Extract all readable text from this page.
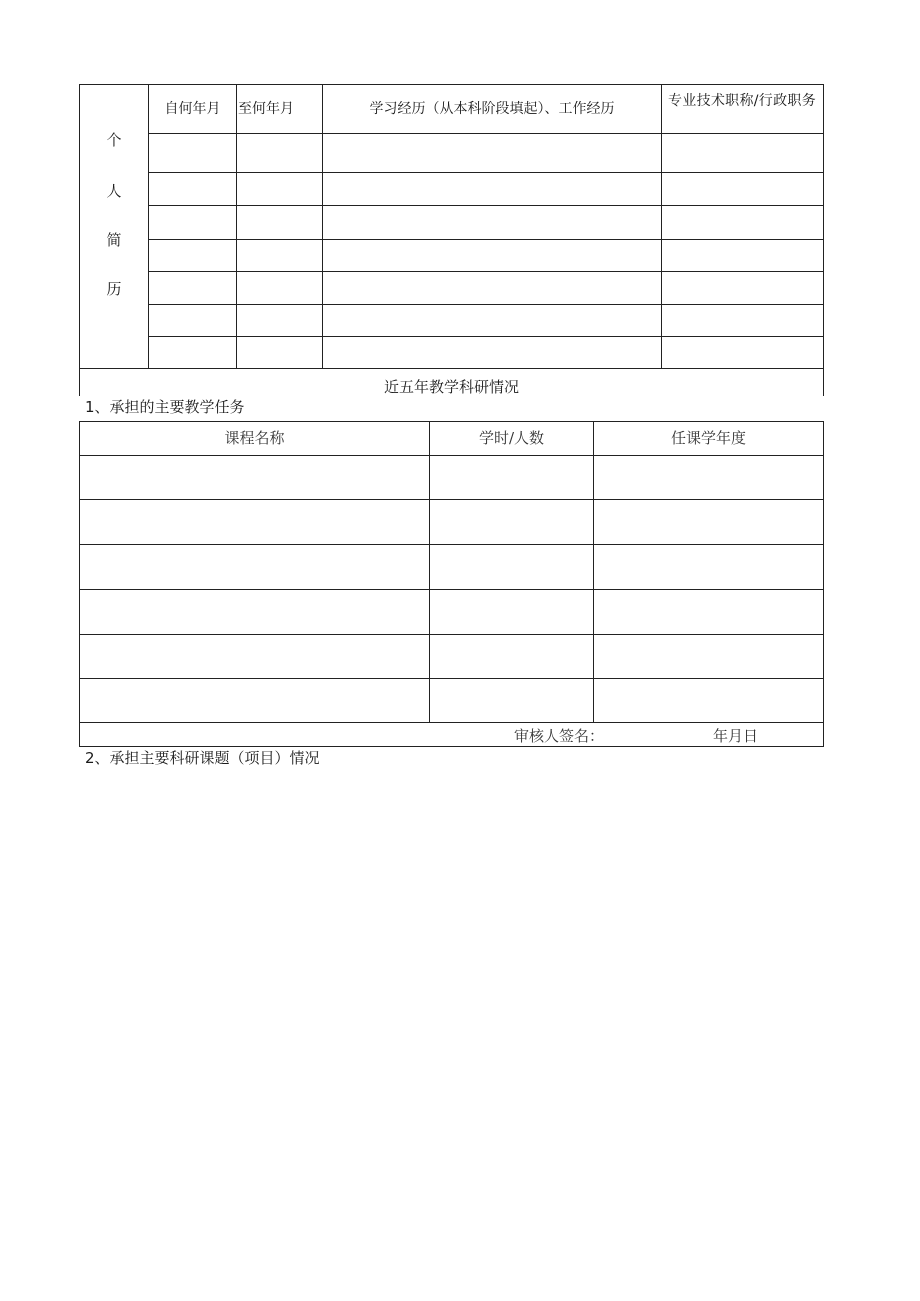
个
人
简
历
自何年月	至何年月	学习经历（从本科阶段填起）、工作经历	专业技术职称/行政职务
近五年教学科研情况
1、承担的主要教学任务
课程名称	学时/人数	任课学年度
审核人签名：	年月日
2、承担主要科研课题（项目）情况
